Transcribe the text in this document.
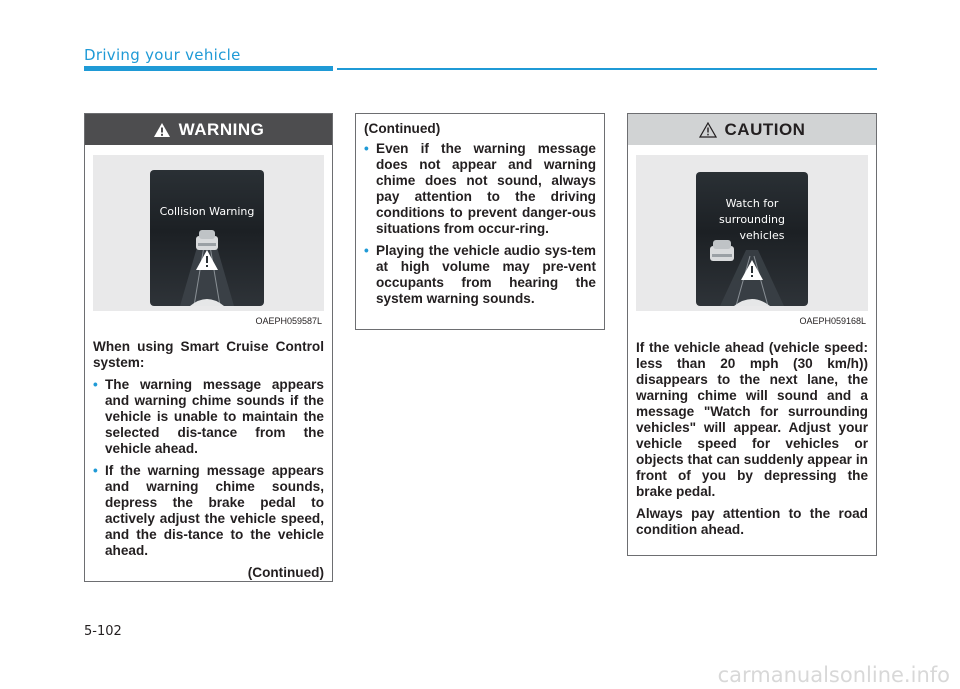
Driving your vehicle
WARNING
Collision Warning
OAEPH059587L

When using Smart Cruise Control system:

• The warning message appears and warning chime sounds if the vehicle is unable to maintain the selected dis-tance from the vehicle ahead.
• If the warning message appears and warning chime sounds, depress the brake pedal to actively adjust the vehicle speed, and the dis-tance to the vehicle ahead.

(Continued)

(Continued)

• Even if the warning message does not appear and warning chime does not sound, always pay attention to the driving conditions to prevent danger-ous situations from occur-ring.
• Playing the vehicle audio sys-tem at high volume may pre-vent occupants from hearing the system warning sounds.
CAUTION
Watch for
surrounding
vehicles
OAEPH059168L

If the vehicle ahead (vehicle speed: less than 20 mph (30 km/h)) disappears to the next lane, the warning chime will sound and a message "Watch for surrounding vehicles" will appear. Adjust your vehicle speed for vehicles or objects that can suddenly appear in front of you by depressing the brake pedal.

Always pay attention to the road condition ahead.

5-102
carmanualsonline.info
